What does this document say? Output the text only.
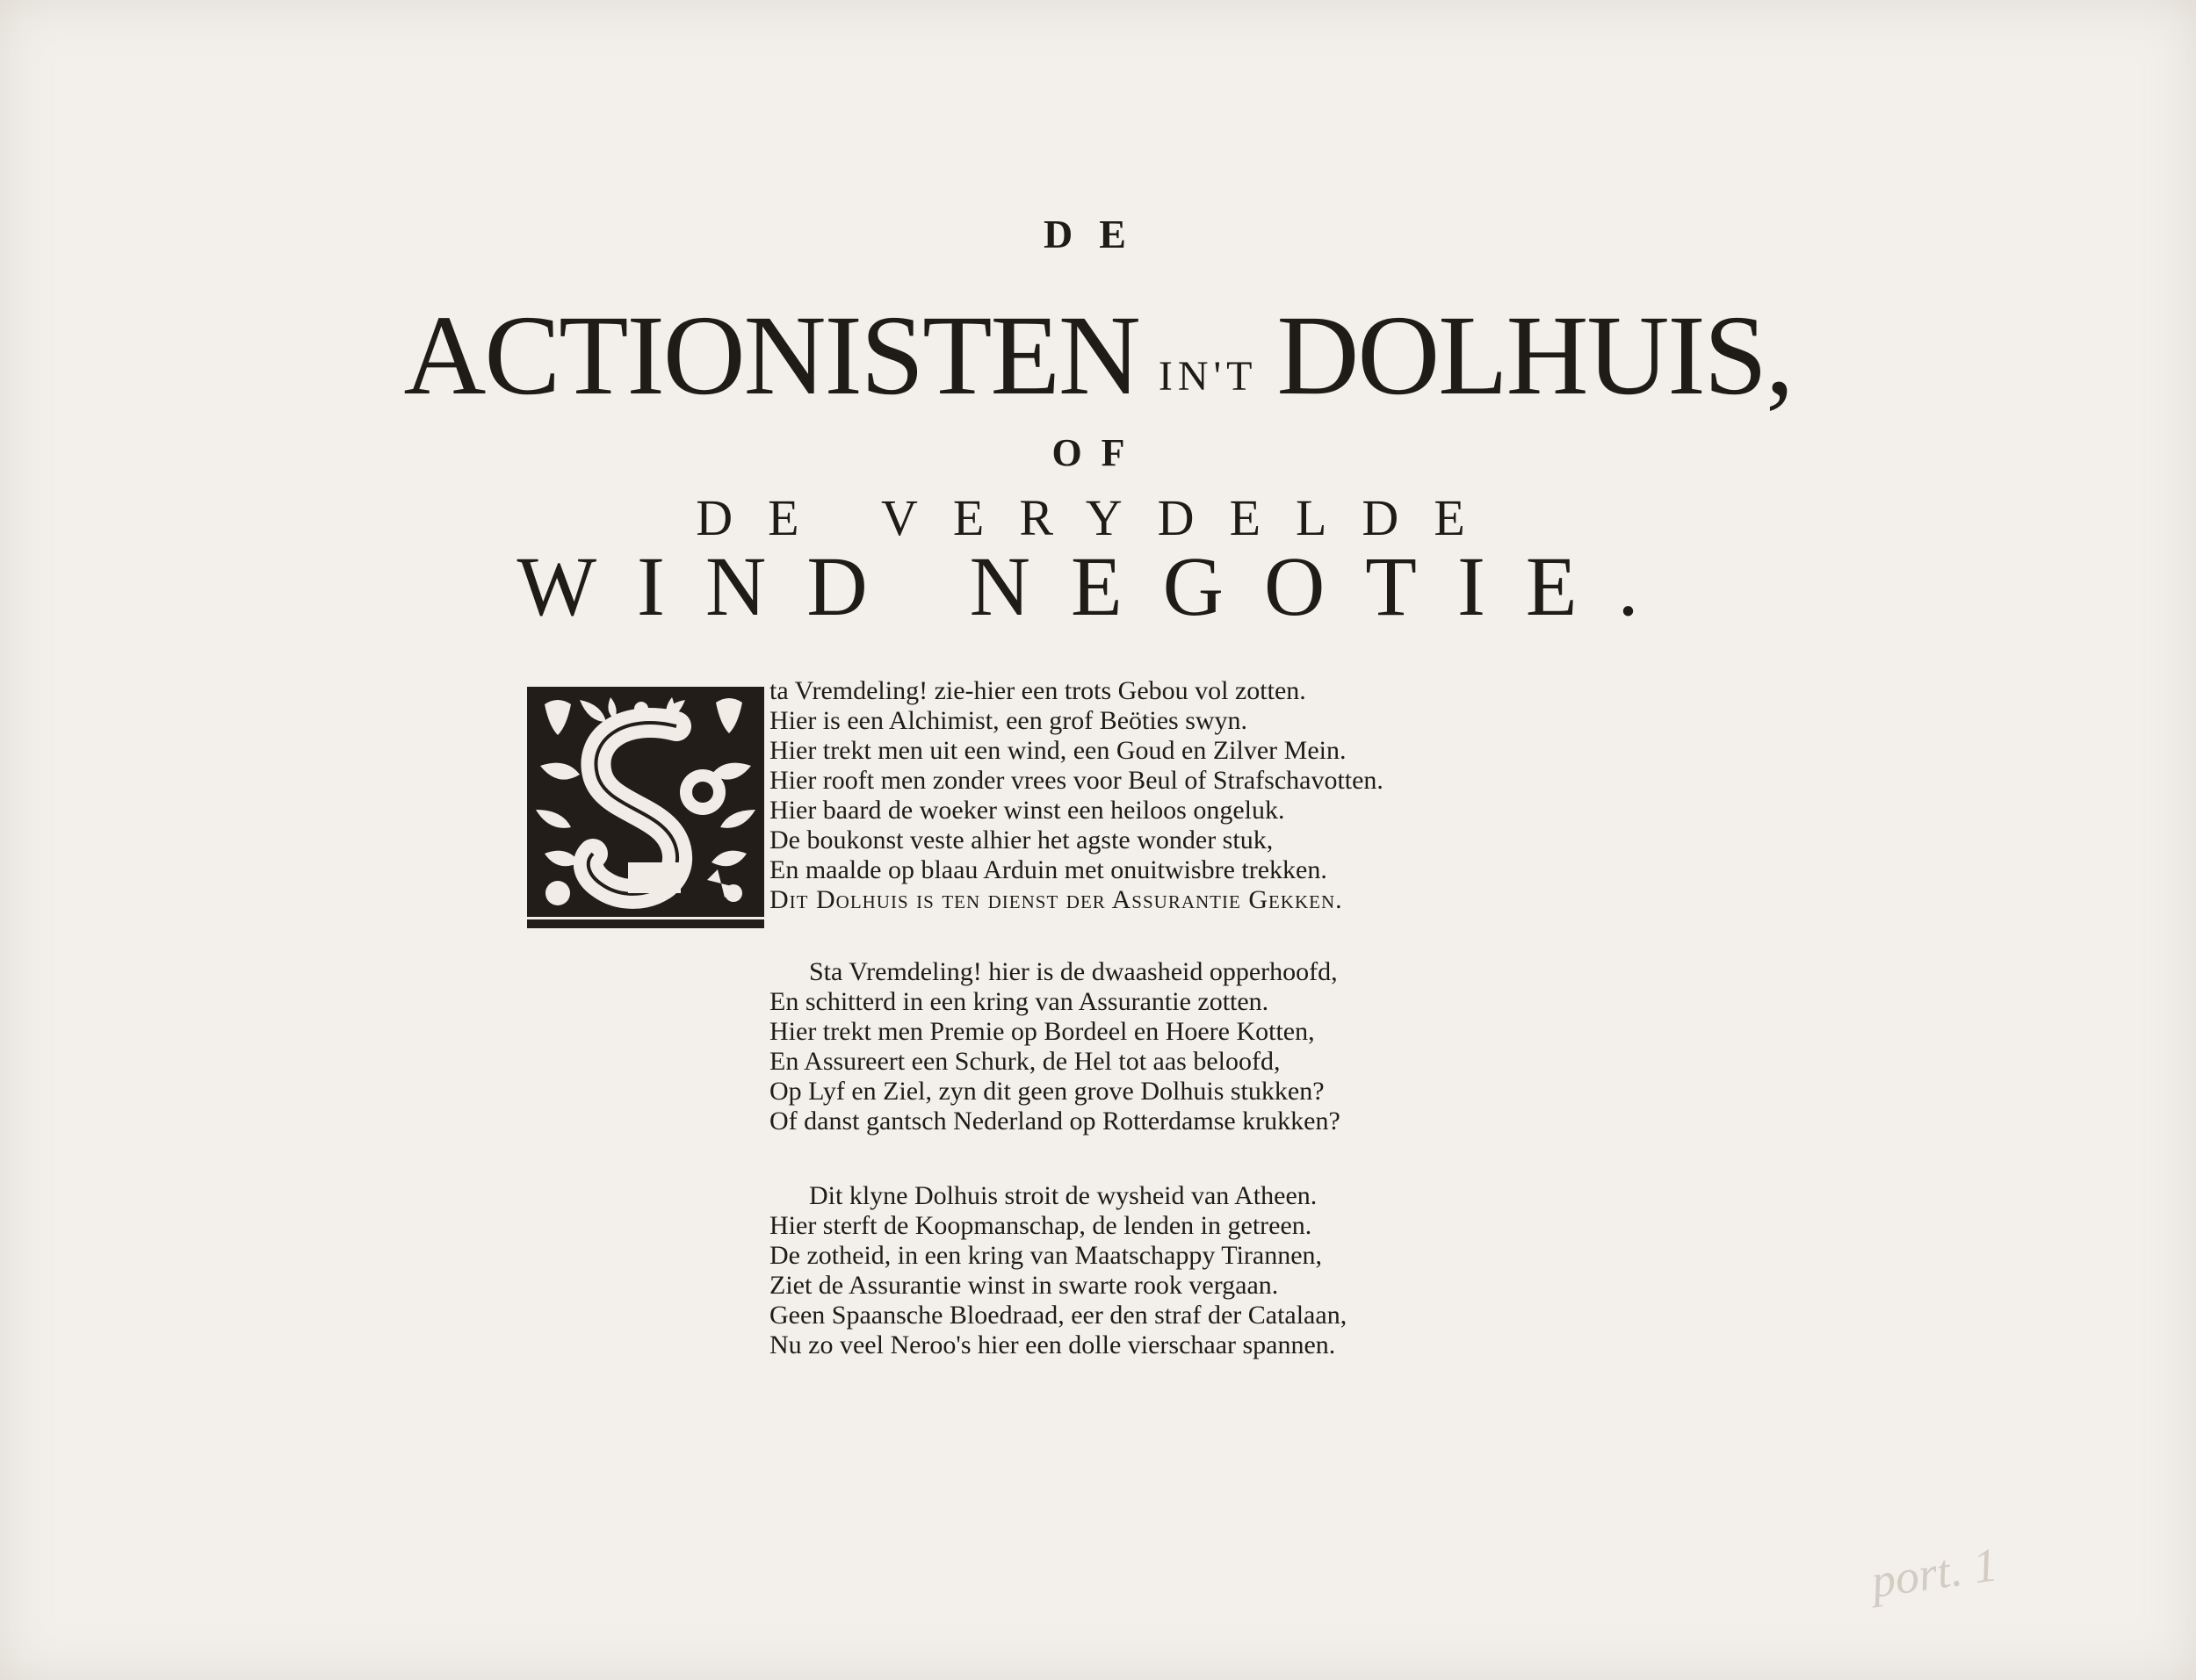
DE
ACTIONISTEN IN'T DOLHUIS,
OF
DE VERYDELDE
WIND NEGOTIE.
ta Vremdeling! zie-hier een trots Gebou vol zotten.
Hier is een Alchimist, een grof Beöties swyn.
Hier trekt men uit een wind, een Goud en Zilver Mein.
Hier rooft men zonder vrees voor Beul of Strafschavotten.
Hier baard de woeker winst een heiloos ongeluk.
De boukonst veste alhier het agste wonder stuk,
En maalde op blaau Arduin met onuitwisbre trekken.
Dit Dolhuis is ten dienst der Assurantie Gekken.
Sta Vremdeling! hier is de dwaasheid opperhoofd,
En schitterd in een kring van Assurantie zotten.
Hier trekt men Premie op Bordeel en Hoere Kotten,
En Assureert een Schurk, de Hel tot aas beloofd,
Op Lyf en Ziel, zyn dit geen grove Dolhuis stukken?
Of danst gantsch Nederland op Rotterdamse krukken?
Dit klyne Dolhuis stroit de wysheid van Atheen.
Hier sterft de Koopmanschap, de lenden in getreen.
De zotheid, in een kring van Maatschappy Tirannen,
Ziet de Assurantie winst in swarte rook vergaan.
Geen Spaansche Bloedraad, eer den straf der Catalaan,
Nu zo veel Neroo's hier een dolle vierschaar spannen.
port. 1
